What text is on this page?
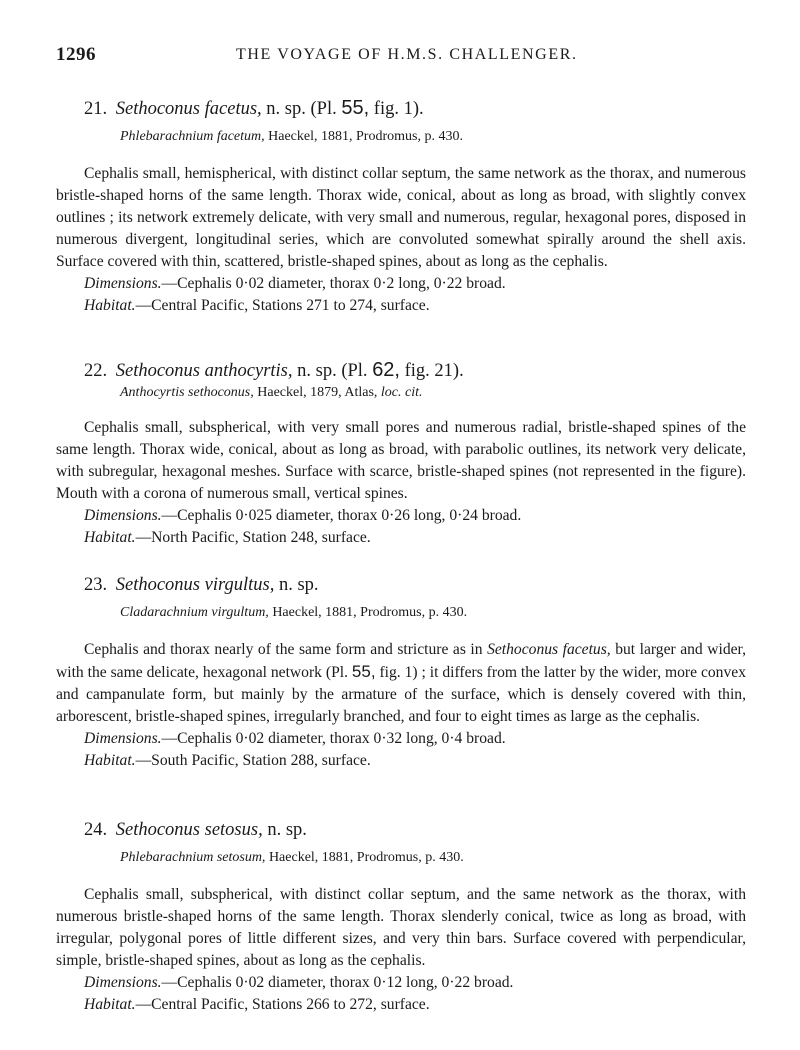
1296	THE VOYAGE OF H.M.S. CHALLENGER.
21. Sethoconus facetus, n. sp. (Pl. 55, fig. 1).
Phlebarachnium facetum, Haeckel, 1881, Prodromus, p. 430.
Cephalis small, hemispherical, with distinct collar septum, the same network as the thorax, and numerous bristle-shaped horns of the same length. Thorax wide, conical, about as long as broad, with slightly convex outlines ; its network extremely delicate, with very small and numerous, regular, hexagonal pores, disposed in numerous divergent, longitudinal series, which are convoluted somewhat spirally around the shell axis. Surface covered with thin, scattered, bristle-shaped spines, about as long as the cephalis.
Dimensions.—Cephalis 0·02 diameter, thorax 0·2 long, 0·22 broad.
Habitat.—Central Pacific, Stations 271 to 274, surface.
22. Sethoconus anthocyrtis, n. sp. (Pl. 62, fig. 21).
Anthocyrtis sethoconus, Haeckel, 1879, Atlas, loc. cit.
Cephalis small, subspherical, with very small pores and numerous radial, bristle-shaped spines of the same length. Thorax wide, conical, about as long as broad, with parabolic outlines, its network very delicate, with subregular, hexagonal meshes. Surface with scarce, bristle-shaped spines (not represented in the figure). Mouth with a corona of numerous small, vertical spines.
Dimensions.—Cephalis 0·025 diameter, thorax 0·26 long, 0·24 broad.
Habitat.—North Pacific, Station 248, surface.
23. Sethoconus virgultus, n. sp.
Cladarachnium virgultum, Haeckel, 1881, Prodromus, p. 430.
Cephalis and thorax nearly of the same form and stricture as in Sethoconus facetus, but larger and wider, with the same delicate, hexagonal network (Pl. 55, fig. 1) ; it differs from the latter by the wider, more convex and campanulate form, but mainly by the armature of the surface, which is densely covered with thin, arborescent, bristle-shaped spines, irregularly branched, and four to eight times as large as the cephalis.
Dimensions.—Cephalis 0·02 diameter, thorax 0·32 long, 0·4 broad.
Habitat.—South Pacific, Station 288, surface.
24. Sethoconus setosus, n. sp.
Phlebarachnium setosum, Haeckel, 1881, Prodromus, p. 430.
Cephalis small, subspherical, with distinct collar septum, and the same network as the thorax, with numerous bristle-shaped horns of the same length. Thorax slenderly conical, twice as long as broad, with irregular, polygonal pores of little different sizes, and very thin bars. Surface covered with perpendicular, simple, bristle-shaped spines, about as long as the cephalis.
Dimensions.—Cephalis 0·02 diameter, thorax 0·12 long, 0·22 broad.
Habitat.—Central Pacific, Stations 266 to 272, surface.
